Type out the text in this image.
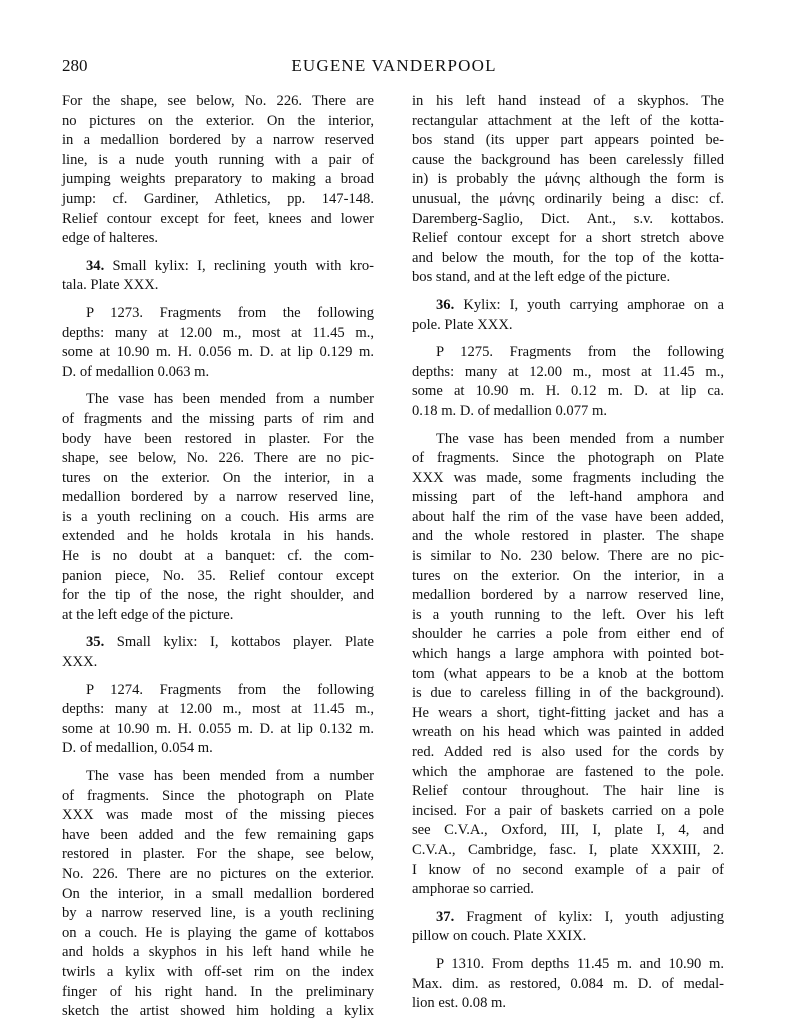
280	EUGENE VANDERPOOL

For the shape, see below, No. 226. There are
no pictures on the exterior. On the interior,
in a medallion bordered by a narrow reserved
line, is a nude youth running with a pair of
jumping weights preparatory to making a broad
jump: cf. Gardiner, Athletics, pp. 147-148.
Relief contour except for feet, knees and lower
edge of halteres.

34. Small kylix: I, reclining youth with kro-
tala. Plate XXX.

P 1273. Fragments from the following
depths: many at 12.00 m., most at 11.45 m.,
some at 10.90 m. H. 0.056 m. D. at lip 0.129 m.
D. of medallion 0.063 m.

The vase has been mended from a number
of fragments and the missing parts of rim and
body have been restored in plaster. For the
shape, see below, No. 226. There are no pic-
tures on the exterior. On the interior, in a
medallion bordered by a narrow reserved line,
is a youth reclining on a couch. His arms are
extended and he holds krotala in his hands.
He is no doubt at a banquet: cf. the com-
panion piece, No. 35. Relief contour except
for the tip of the nose, the right shoulder, and
at the left edge of the picture.

35. Small kylix: I, kottabos player. Plate
XXX.

P 1274. Fragments from the following
depths: many at 12.00 m., most at 11.45 m.,
some at 10.90 m. H. 0.055 m. D. at lip 0.132 m.
D. of medallion, 0.054 m.

The vase has been mended from a number
of fragments. Since the photograph on Plate
XXX was made most of the missing pieces
have been added and the few remaining gaps
restored in plaster. For the shape, see below,
No. 226. There are no pictures on the exterior.
On the interior, in a small medallion bordered
by a narrow reserved line, is a youth reclining
on a couch. He is playing the game of kottabos
and holds a skyphos in his left hand while he
twirls a kylix with off-set rim on the index
finger of his right hand. In the preliminary
sketch the artist showed him holding a kylix

in his left hand instead of a skyphos. The
rectangular attachment at the left of the kotta-
bos stand (its upper part appears pointed be-
cause the background has been carelessly filled
in) is probably the μάνης although the form is
unusual, the μάνης ordinarily being a disc: cf.
Daremberg-Saglio, Dict. Ant., s.v. kottabos.
Relief contour except for a short stretch above
and below the mouth, for the top of the kotta-
bos stand, and at the left edge of the picture.

36. Kylix: I, youth carrying amphorae on a
pole. Plate XXX.

P 1275. Fragments from the following
depths: many at 12.00 m., most at 11.45 m.,
some at 10.90 m. H. 0.12 m. D. at lip ca.
0.18 m. D. of medallion 0.077 m.

The vase has been mended from a number
of fragments. Since the photograph on Plate
XXX was made, some fragments including the
missing part of the left-hand amphora and
about half the rim of the vase have been added,
and the whole restored in plaster. The shape
is similar to No. 230 below. There are no pic-
tures on the exterior. On the interior, in a
medallion bordered by a narrow reserved line,
is a youth running to the left. Over his left
shoulder he carries a pole from either end of
which hangs a large amphora with pointed bot-
tom (what appears to be a knob at the bottom
is due to careless filling in of the background).
He wears a short, tight-fitting jacket and has a
wreath on his head which was painted in added
red. Added red is also used for the cords by
which the amphorae are fastened to the pole.
Relief contour throughout. The hair line is
incised. For a pair of baskets carried on a pole
see C.V.A., Oxford, III, I, plate I, 4, and
C.V.A., Cambridge, fasc. I, plate XXXIII, 2.
I know of no second example of a pair of
amphorae so carried.

37. Fragment of kylix: I, youth adjusting
pillow on couch. Plate XXIX.

P 1310. From depths 11.45 m. and 10.90 m.
Max. dim. as restored, 0.084 m. D. of medal-
lion est. 0.08 m.
